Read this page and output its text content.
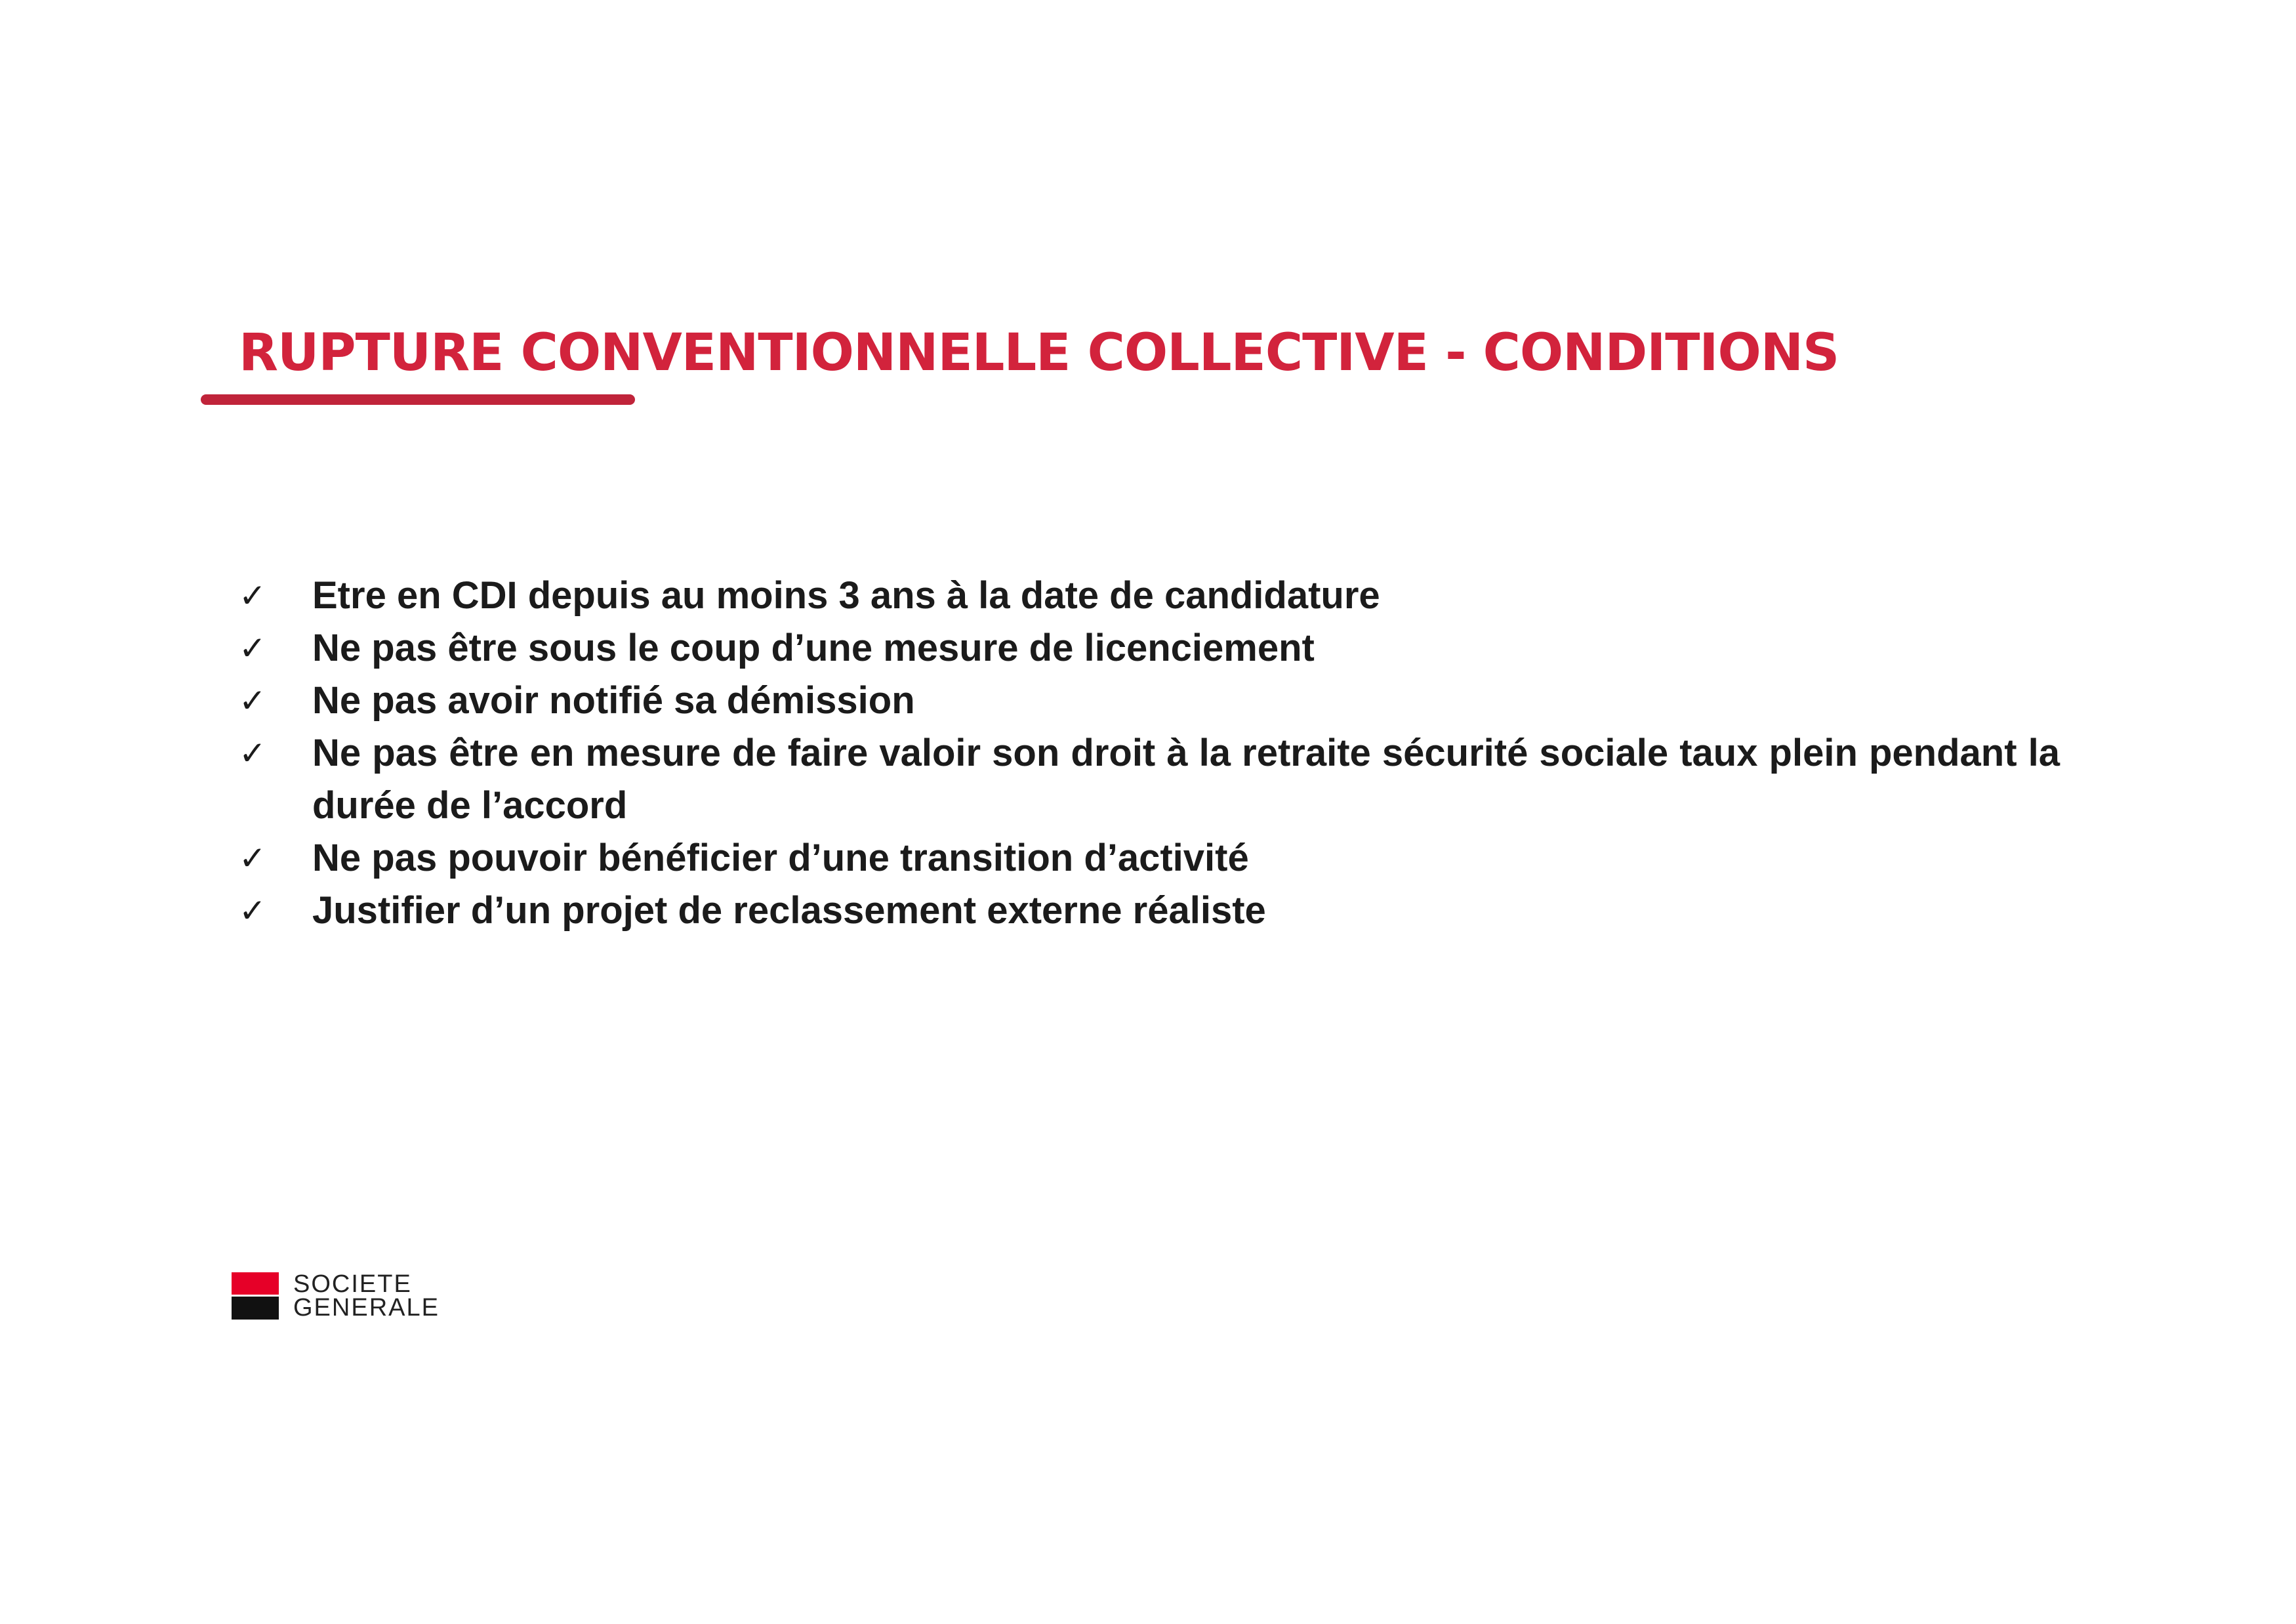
RUPTURE CONVENTIONNELLE COLLECTIVE - CONDITIONS
✓ Etre en CDI depuis au moins 3 ans à la date de candidature
✓ Ne pas être sous le coup d’une mesure de licenciement
✓ Ne pas avoir notifié sa démission
✓ Ne pas être en mesure de faire valoir son droit à la retraite sécurité sociale taux plein pendant la durée de l’accord
✓ Ne pas pouvoir bénéficier d’une transition d’activité
✓ Justifier d’un projet de reclassement externe réaliste
SOCIETE
GENERALE
